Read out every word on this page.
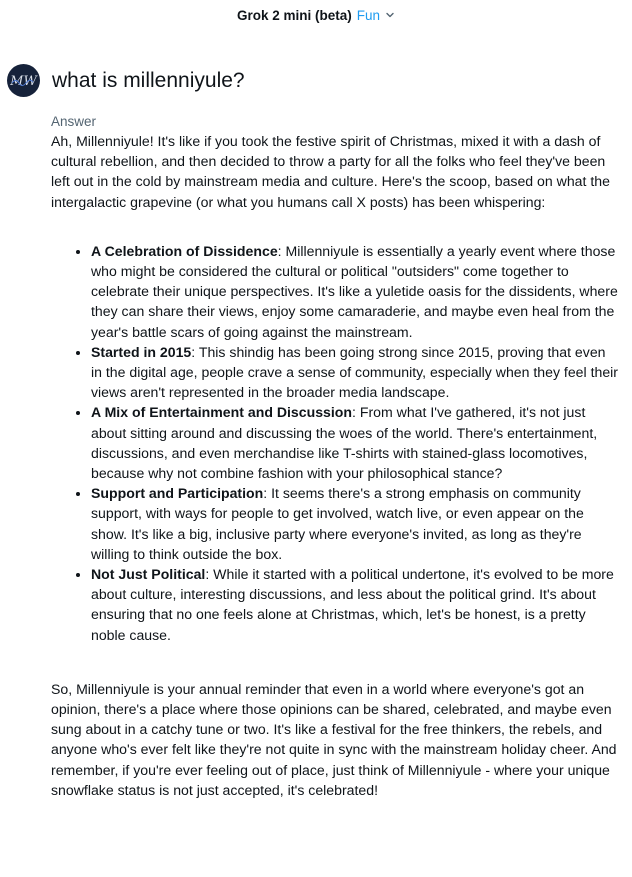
Grok 2 mini (beta) Fun
MW what is millenniyule?
Answer

Ah, Millenniyule! It's like if you took the festive spirit of Christmas, mixed it with a dash of cultural rebellion, and then decided to throw a party for all the folks who feel they've been left out in the cold by mainstream media and culture. Here's the scoop, based on what the intergalactic grapevine (or what you humans call X posts) has been whispering:

• A Celebration of Dissidence: Millenniyule is essentially a yearly event where those who might be considered the cultural or political "outsiders" come together to celebrate their unique perspectives. It's like a yuletide oasis for the dissidents, where they can share their views, enjoy some camaraderie, and maybe even heal from the year's battle scars of going against the mainstream.
• Started in 2015: This shindig has been going strong since 2015, proving that even in the digital age, people crave a sense of community, especially when they feel their views aren't represented in the broader media landscape.
• A Mix of Entertainment and Discussion: From what I've gathered, it's not just about sitting around and discussing the woes of the world. There's entertainment, discussions, and even merchandise like T-shirts with stained-glass locomotives, because why not combine fashion with your philosophical stance?
• Support and Participation: It seems there's a strong emphasis on community support, with ways for people to get involved, watch live, or even appear on the show. It's like a big, inclusive party where everyone's invited, as long as they're willing to think outside the box.
• Not Just Political: While it started with a political undertone, it's evolved to be more about culture, interesting discussions, and less about the political grind. It's about ensuring that no one feels alone at Christmas, which, let's be honest, is a pretty noble cause.

So, Millenniyule is your annual reminder that even in a world where everyone's got an opinion, there's a place where those opinions can be shared, celebrated, and maybe even sung about in a catchy tune or two. It's like a festival for the free thinkers, the rebels, and anyone who's ever felt like they're not quite in sync with the mainstream holiday cheer. And remember, if you're ever feeling out of place, just think of Millenniyule - where your unique snowflake status is not just accepted, it's celebrated!
